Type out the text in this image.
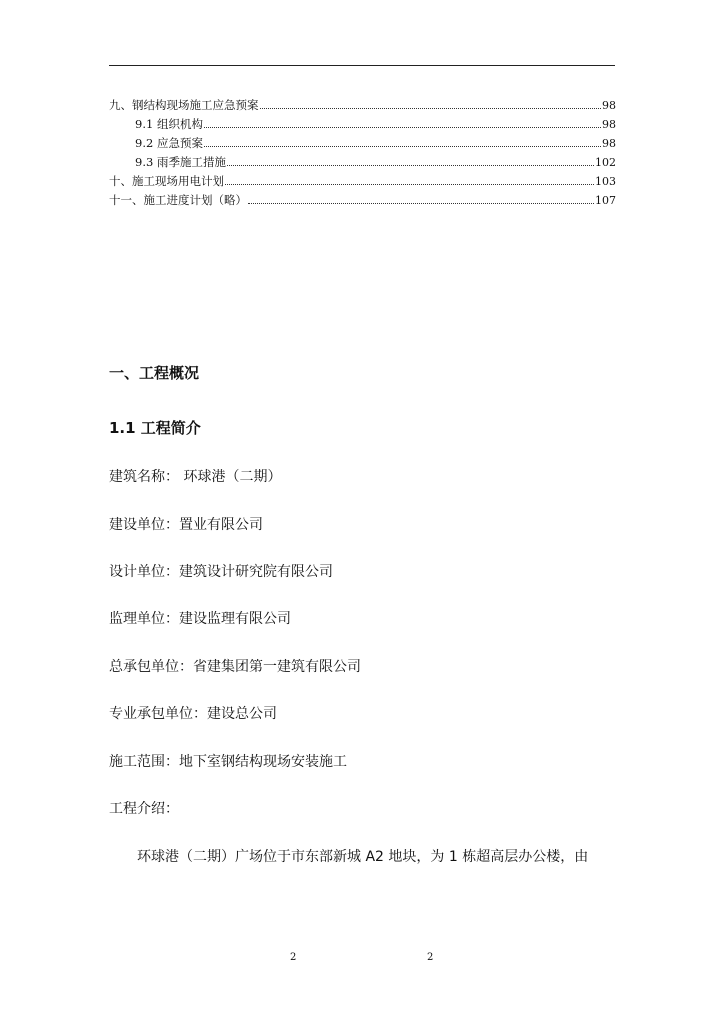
九、钢结构现场施工应急预案	98
9.1 组织机构	98
9.2 应急预案	98
9.3 雨季施工措施	102
十、施工现场用电计划	103
十一、施工进度计划（略）	107
一、工程概况
1.1 工程简介
建筑名称： 环球港（二期）
建设单位：置业有限公司
设计单位：建筑设计研究院有限公司
监理单位：建设监理有限公司
总承包单位：省建集团第一建筑有限公司
专业承包单位：建设总公司
施工范围：地下室钢结构现场安装施工
工程介绍：
环球港（二期）广场位于市东部新城 A2 地块，为 1 栋超高层办公楼，由
2	2
